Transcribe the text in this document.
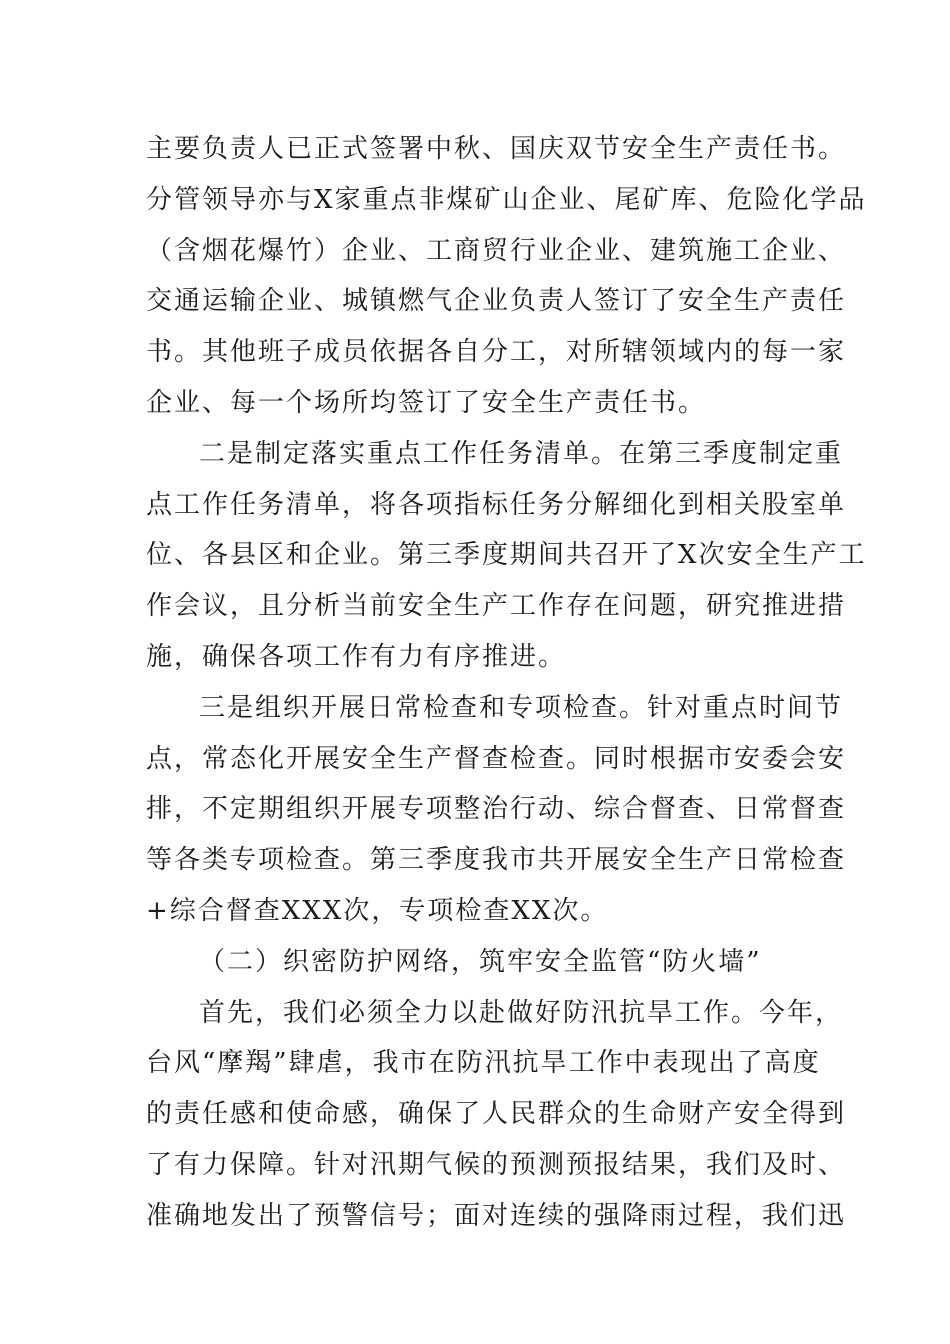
主要负责人已正式签署中秋、国庆双节安全生产责任书。
分管领导亦与X家重点非煤矿山企业、尾矿库、危险化学品
（含烟花爆竹）企业、工商贸行业企业、建筑施工企业、
交通运输企业、城镇燃气企业负责人签订了安全生产责任
书。其他班子成员依据各自分工，对所辖领域内的每一家
企业、每一个场所均签订了安全生产责任书。
二是制定落实重点工作任务清单。在第三季度制定重
点工作任务清单，将各项指标任务分解细化到相关股室单
位、各县区和企业。第三季度期间共召开了X次安全生产工
作会议，且分析当前安全生产工作存在问题，研究推进措
施，确保各项工作有力有序推进。
三是组织开展日常检查和专项检查。针对重点时间节
点，常态化开展安全生产督查检查。同时根据市安委会安
排，不定期组织开展专项整治行动、综合督查、日常督查
等各类专项检查。第三季度我市共开展安全生产日常检查
+综合督查XXX次，专项检查XX次。
（二）织密防护网络，筑牢安全监管“防火墙”
首先，我们必须全力以赴做好防汛抗旱工作。今年，
台风“摩羯”肆虐，我市在防汛抗旱工作中表现出了高度
的责任感和使命感，确保了人民群众的生命财产安全得到
了有力保障。针对汛期气候的预测预报结果，我们及时、
准确地发出了预警信号；面对连续的强降雨过程，我们迅
